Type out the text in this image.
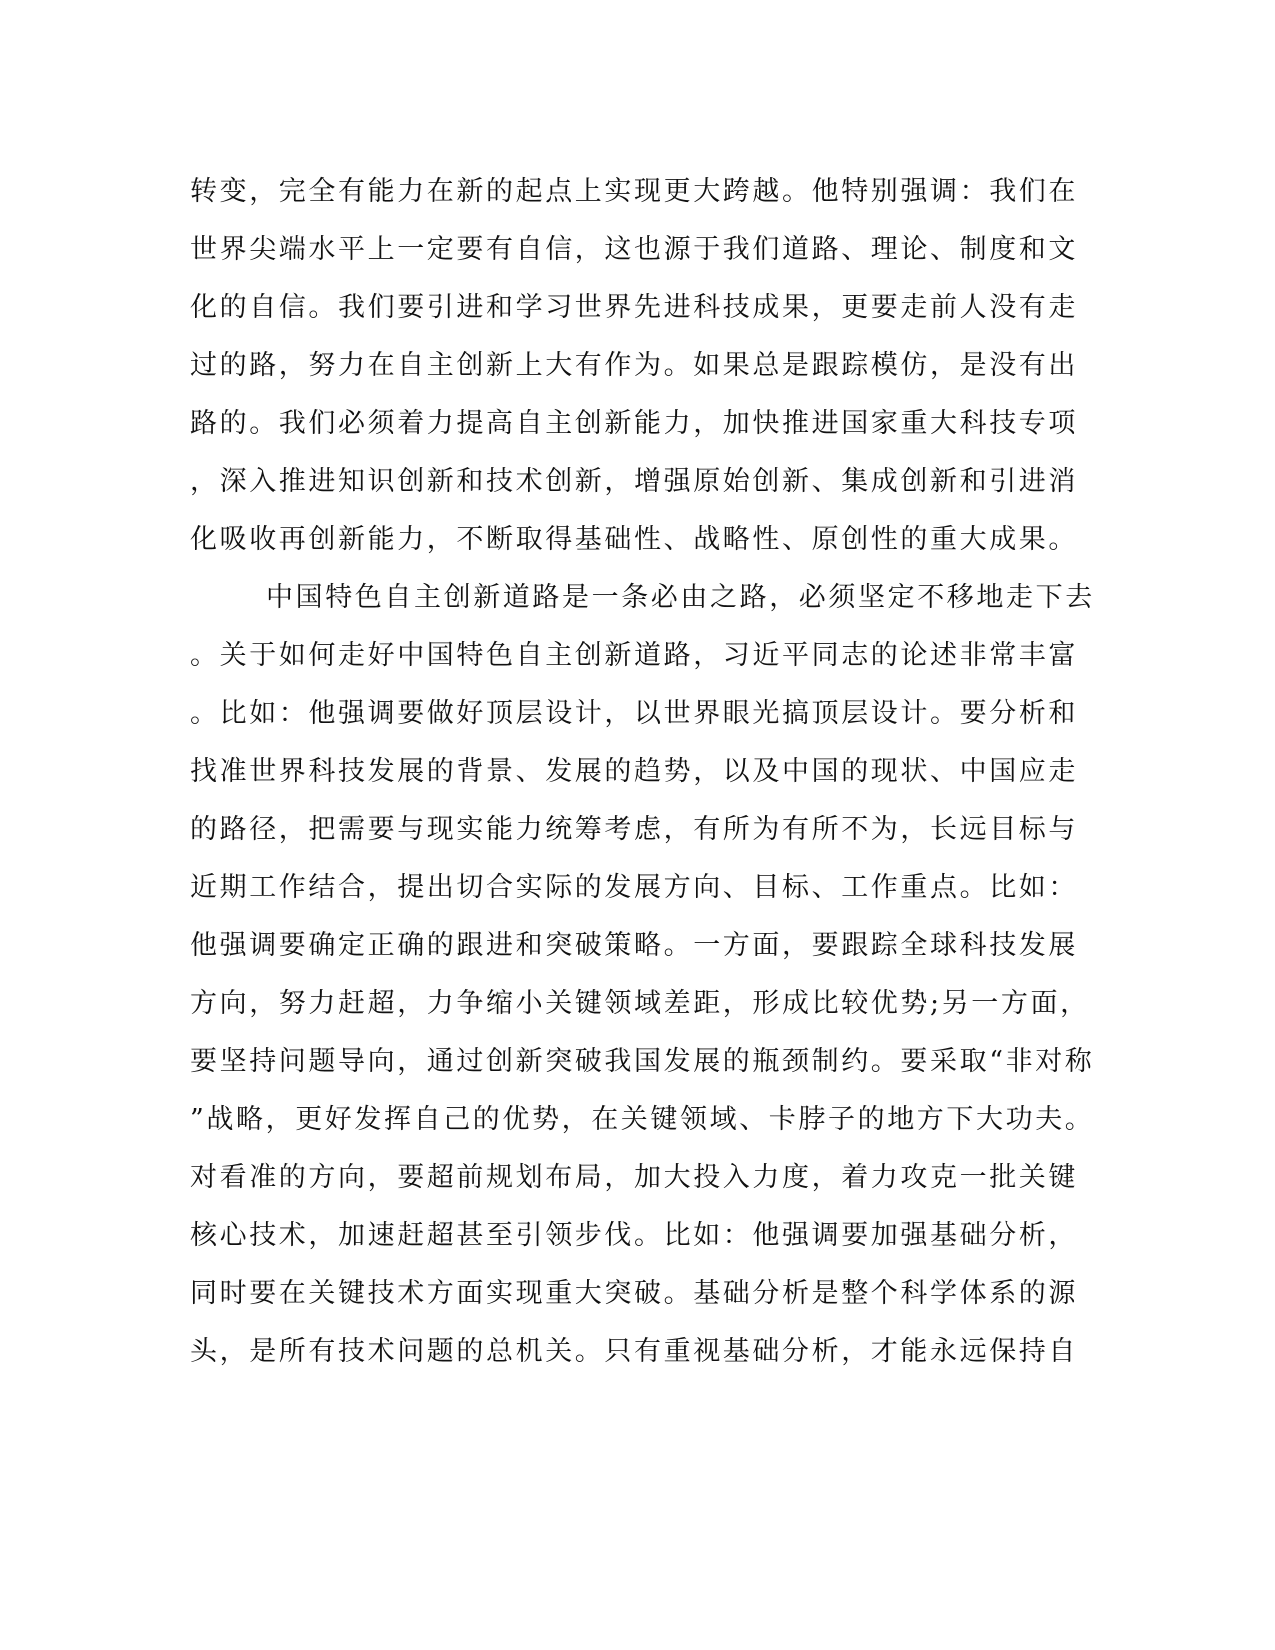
转变，完全有能力在新的起点上实现更大跨越。他特别强调：我们在
世界尖端水平上一定要有自信，这也源于我们道路、理论、制度和文
化的自信。我们要引进和学习世界先进科技成果，更要走前人没有走
过的路，努力在自主创新上大有作为。如果总是跟踪模仿，是没有出
路的。我们必须着力提高自主创新能力，加快推进国家重大科技专项
，深入推进知识创新和技术创新，增强原始创新、集成创新和引进消
化吸收再创新能力，不断取得基础性、战略性、原创性的重大成果。
中国特色自主创新道路是一条必由之路，必须坚定不移地走下去
。关于如何走好中国特色自主创新道路，习近平同志的论述非常丰富
。比如：他强调要做好顶层设计，以世界眼光搞顶层设计。要分析和
找准世界科技发展的背景、发展的趋势，以及中国的现状、中国应走
的路径，把需要与现实能力统筹考虑，有所为有所不为，长远目标与
近期工作结合，提出切合实际的发展方向、目标、工作重点。比如：
他强调要确定正确的跟进和突破策略。一方面，要跟踪全球科技发展
方向，努力赶超，力争缩小关键领域差距，形成比较优势;另一方面，
要坚持问题导向，通过创新突破我国发展的瓶颈制约。要采取“非对称
”战略，更好发挥自己的优势，在关键领域、卡脖子的地方下大功夫。
对看准的方向，要超前规划布局，加大投入力度，着力攻克一批关键
核心技术，加速赶超甚至引领步伐。比如：他强调要加强基础分析，
同时要在关键技术方面实现重大突破。基础分析是整个科学体系的源
头，是所有技术问题的总机关。只有重视基础分析，才能永远保持自
